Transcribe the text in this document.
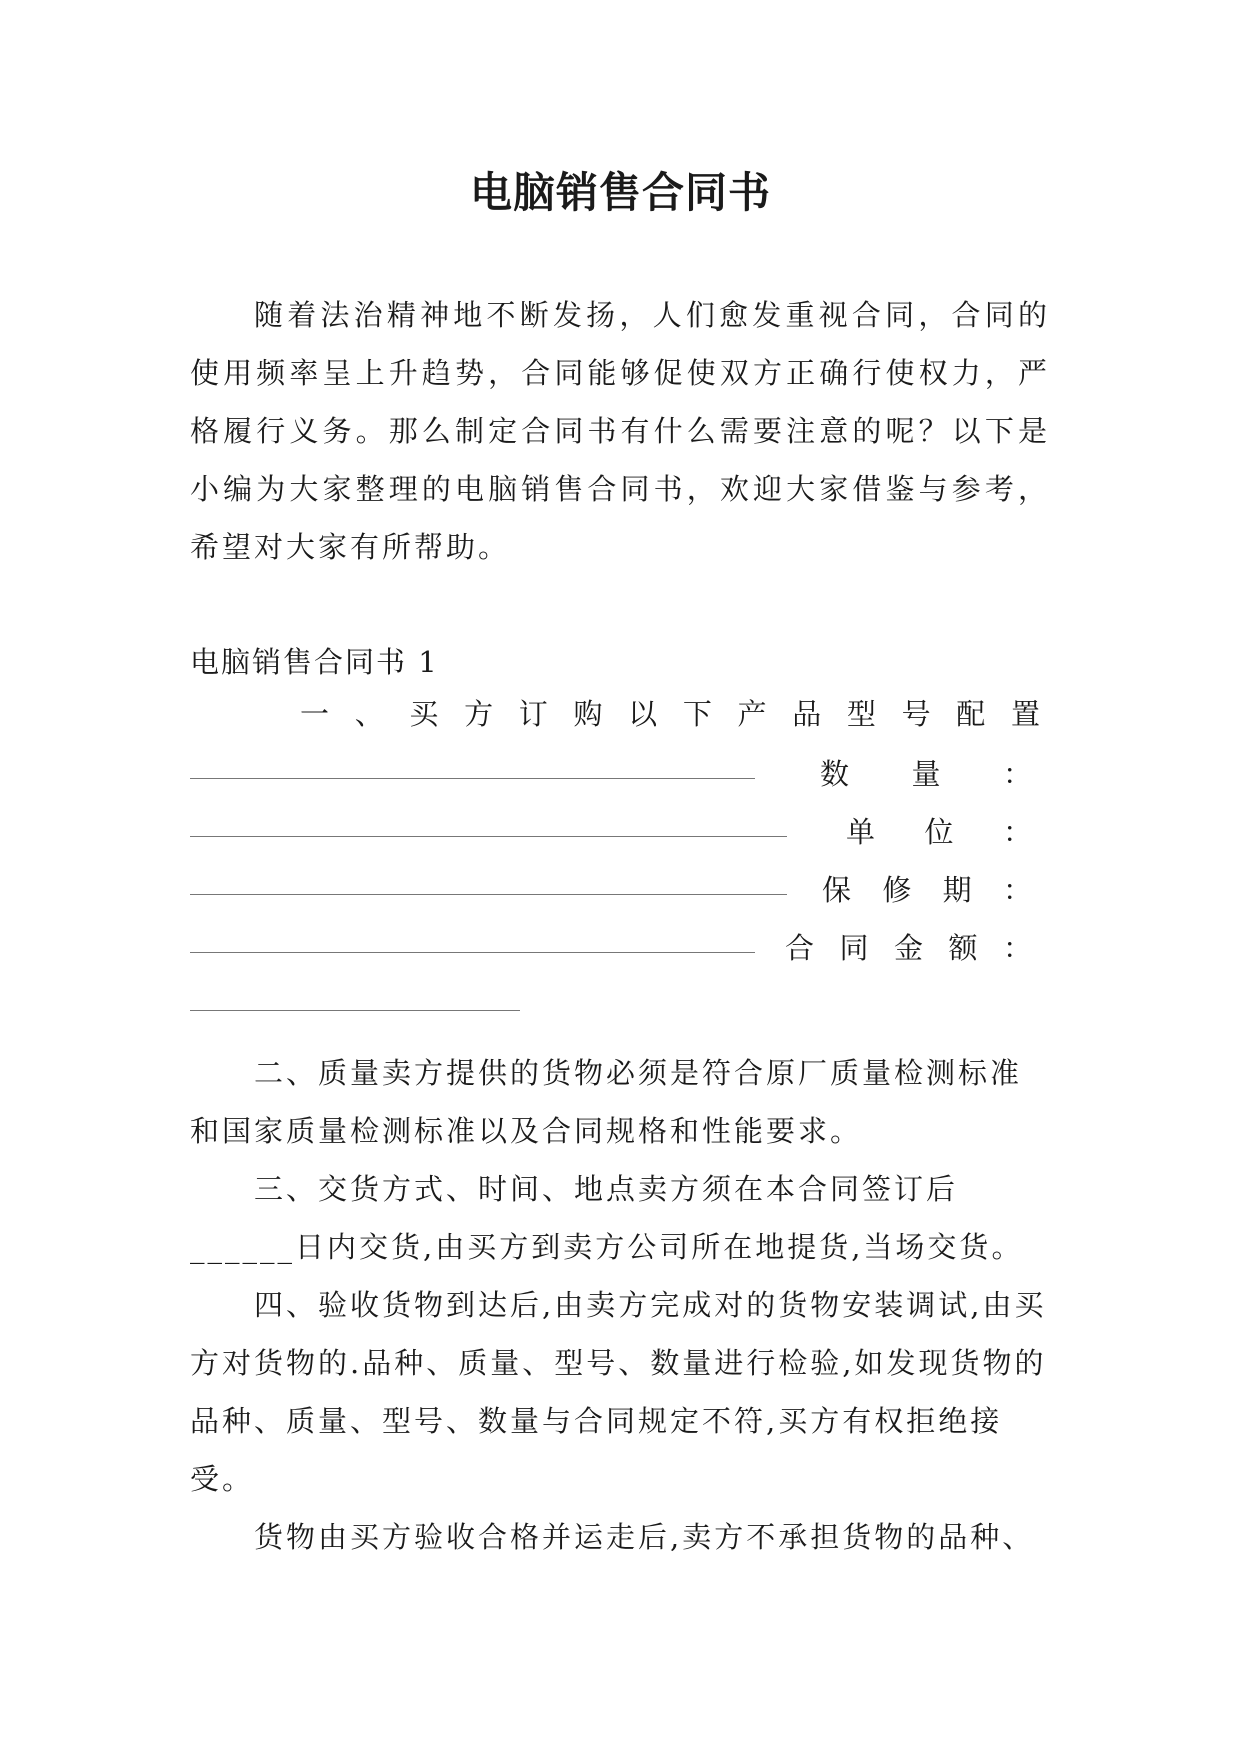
电脑销售合同书

随着法治精神地不断发扬，人们愈发重视合同，合同的使用频率呈上升趋势，合同能够促使双方正确行使权力，严格履行义务。那么制定合同书有什么需要注意的呢？以下是小编为大家整理的电脑销售合同书，欢迎大家借鉴与参考，希望对大家有所帮助。

电脑销售合同书 1
一 、 买 方 订 购 以 下 产 品 型 号 配 置
数 量 ：
单 位 ：
保 修 期 ：
合 同 金 额 ：

二、质量卖方提供的货物必须是符合原厂质量检测标准和国家质量检测标准以及合同规格和性能要求。

三、交货方式、时间、地点卖方须在本合同签订后______日内交货,由买方到卖方公司所在地提货,当场交货。

四、验收货物到达后,由卖方完成对的货物安装调试,由买方对货物的.品种、质量、型号、数量进行检验,如发现货物的品种、质量、型号、数量与合同规定不符,买方有权拒绝接受。

货物由买方验收合格并运走后,卖方不承担货物的品种、
